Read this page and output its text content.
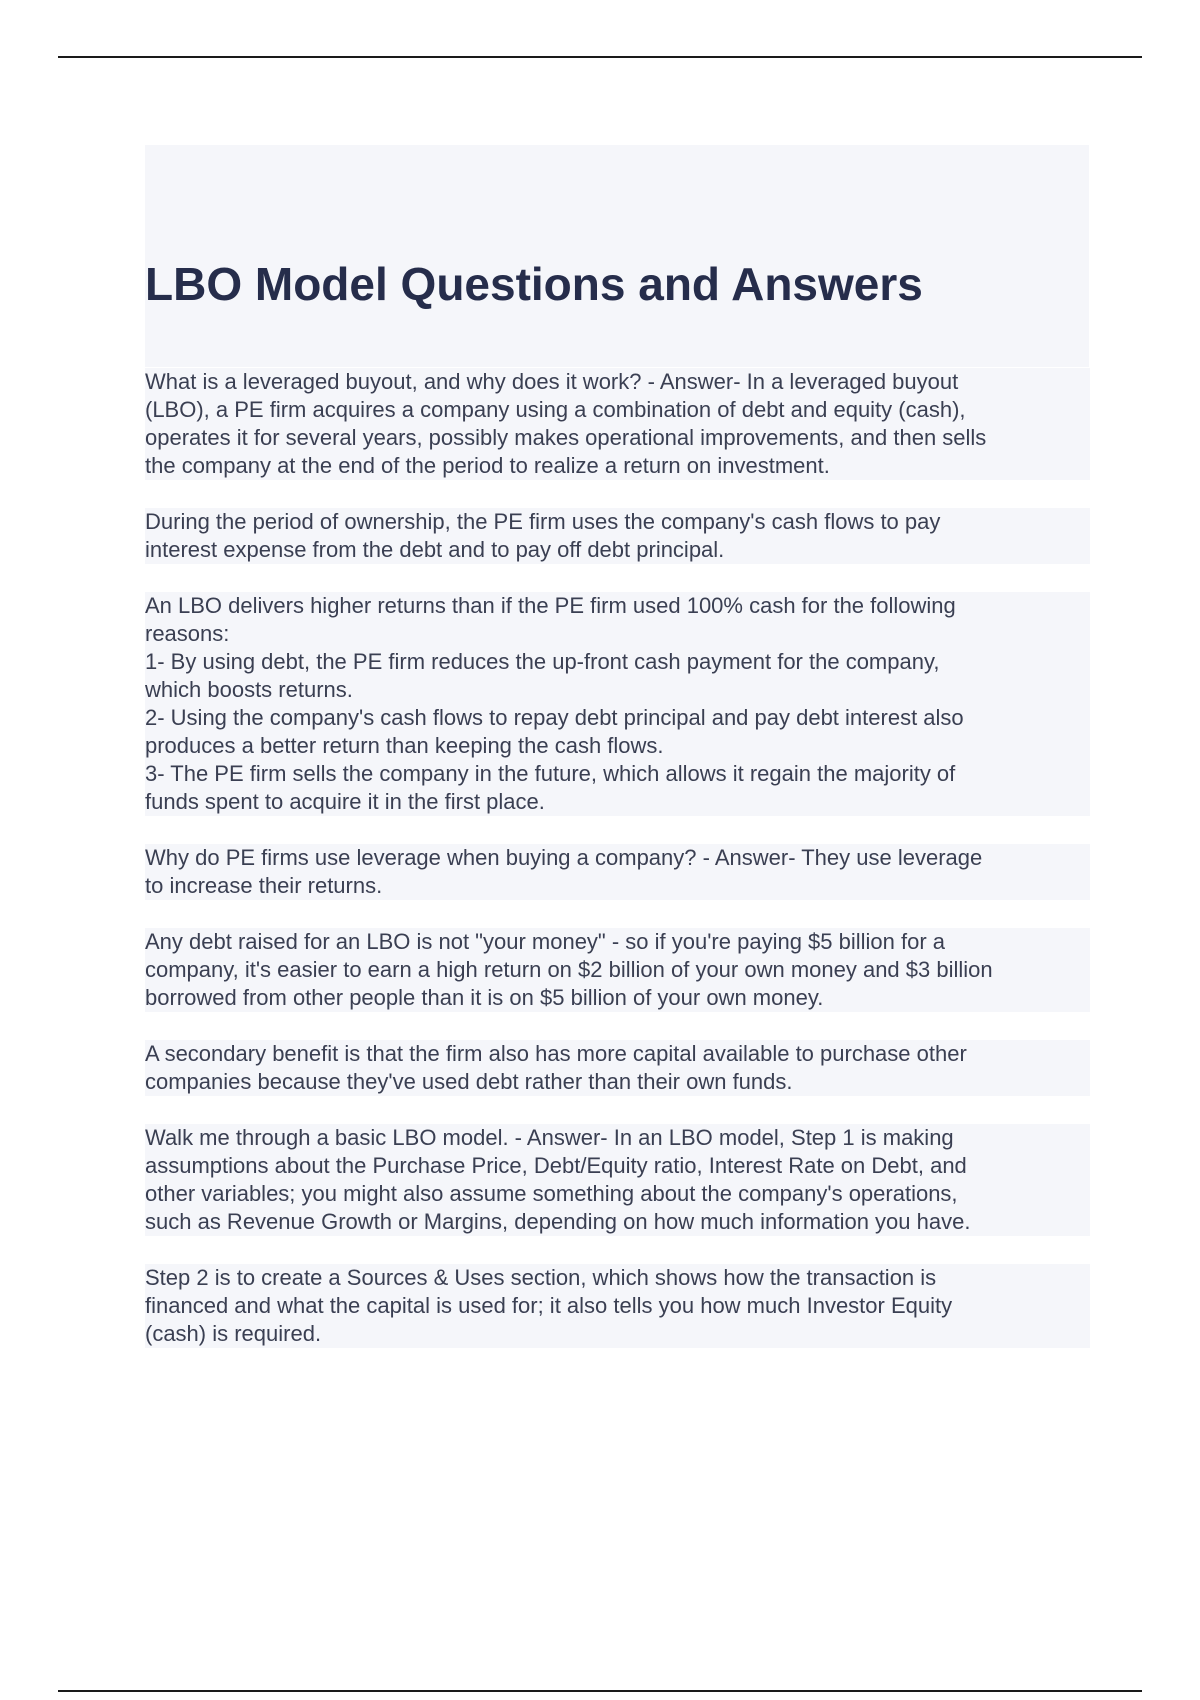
LBO Model Questions and Answers

What is a leveraged buyout, and why does it work? - Answer- In a leveraged buyout
(LBO), a PE firm acquires a company using a combination of debt and equity (cash),
operates it for several years, possibly makes operational improvements, and then sells
the company at the end of the period to realize a return on investment.

During the period of ownership, the PE firm uses the company's cash flows to pay
interest expense from the debt and to pay off debt principal.

An LBO delivers higher returns than if the PE firm used 100% cash for the following
reasons:
1- By using debt, the PE firm reduces the up-front cash payment for the company,
which boosts returns.
2- Using the company's cash flows to repay debt principal and pay debt interest also
produces a better return than keeping the cash flows.
3- The PE firm sells the company in the future, which allows it regain the majority of
funds spent to acquire it in the first place.

Why do PE firms use leverage when buying a company? - Answer- They use leverage
to increase their returns.

Any debt raised for an LBO is not "your money" - so if you're paying $5 billion for a
company, it's easier to earn a high return on $2 billion of your own money and $3 billion
borrowed from other people than it is on $5 billion of your own money.

A secondary benefit is that the firm also has more capital available to purchase other
companies because they've used debt rather than their own funds.

Walk me through a basic LBO model. - Answer- In an LBO model, Step 1 is making
assumptions about the Purchase Price, Debt/Equity ratio, Interest Rate on Debt, and
other variables; you might also assume something about the company's operations,
such as Revenue Growth or Margins, depending on how much information you have.

Step 2 is to create a Sources & Uses section, which shows how the transaction is
financed and what the capital is used for; it also tells you how much Investor Equity
(cash) is required.
